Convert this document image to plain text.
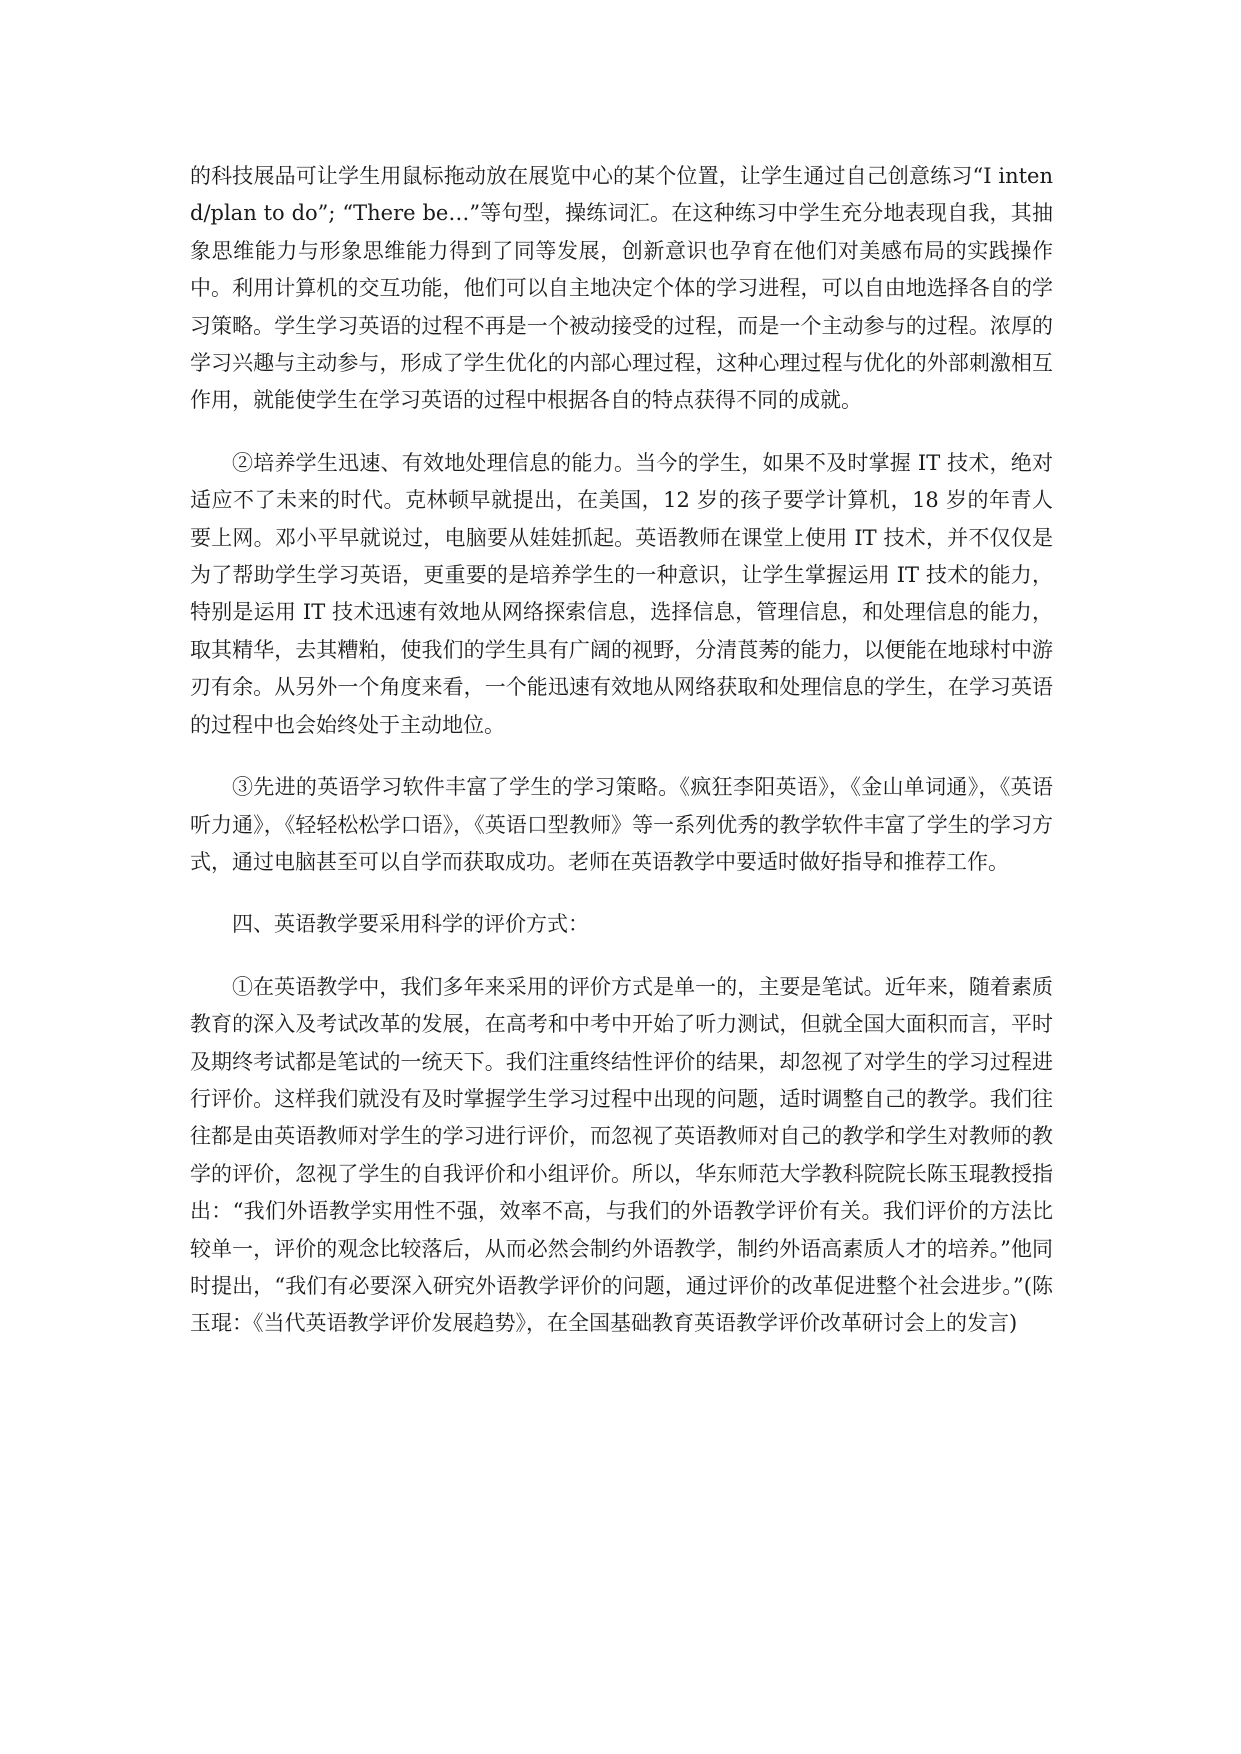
的科技展品可让学生用鼠标拖动放在展览中心的某个位置，让学生通过自己创意练习“I intend/plan to do”; “There be…”等句型，操练词汇。在这种练习中学生充分地表现自我，其抽象思维能力与形象思维能力得到了同等发展，创新意识也孕育在他们对美感布局的实践操作中。利用计算机的交互功能，他们可以自主地决定个体的学习进程，可以自由地选择各自的学习策略。学生学习英语的过程不再是一个被动接受的过程，而是一个主动参与的过程。浓厚的学习兴趣与主动参与，形成了学生优化的内部心理过程，这种心理过程与优化的外部刺激相互作用，就能使学生在学习英语的过程中根据各自的特点获得不同的成就。

②培养学生迅速、有效地处理信息的能力。当今的学生，如果不及时掌握 IT 技术，绝对适应不了未来的时代。克林顿早就提出，在美国，12 岁的孩子要学计算机，18 岁的年青人要上网。邓小平早就说过，电脑要从娃娃抓起。英语教师在课堂上使用 IT 技术，并不仅仅是为了帮助学生学习英语，更重要的是培养学生的一种意识，让学生掌握运用 IT 技术的能力，特别是运用 IT 技术迅速有效地从网络探索信息，选择信息，管理信息，和处理信息的能力，取其精华，去其糟粕，使我们的学生具有广阔的视野，分清莨莠的能力，以便能在地球村中游刃有余。从另外一个角度来看，一个能迅速有效地从网络获取和处理信息的学生，在学习英语的过程中也会始终处于主动地位。

③先进的英语学习软件丰富了学生的学习策略。《疯狂李阳英语》，《金山单词通》，《英语听力通》，《轻轻松松学口语》，《英语口型教师》等一系列优秀的教学软件丰富了学生的学习方式，通过电脑甚至可以自学而获取成功。老师在英语教学中要适时做好指导和推荐工作。

四、英语教学要采用科学的评价方式：

①在英语教学中，我们多年来采用的评价方式是单一的，主要是笔试。近年来，随着素质教育的深入及考试改革的发展，在高考和中考中开始了听力测试，但就全国大面积而言，平时及期终考试都是笔试的一统天下。我们注重终结性评价的结果，却忽视了对学生的学习过程进行评价。这样我们就没有及时掌握学生学习过程中出现的问题，适时调整自己的教学。我们往往都是由英语教师对学生的学习进行评价，而忽视了英语教师对自己的教学和学生对教师的教学的评价，忽视了学生的自我评价和小组评价。所以，华东师范大学教科院院长陈玉琨教授指出：“我们外语教学实用性不强，效率不高，与我们的外语教学评价有关。我们评价的方法比较单一，评价的观念比较落后，从而必然会制约外语教学，制约外语高素质人才的培养。”他同时提出，“我们有必要深入研究外语教学评价的问题，通过评价的改革促进整个社会进步。”(陈玉琨：《当代英语教学评价发展趋势》，在全国基础教育英语教学评价改革研讨会上的发言)
